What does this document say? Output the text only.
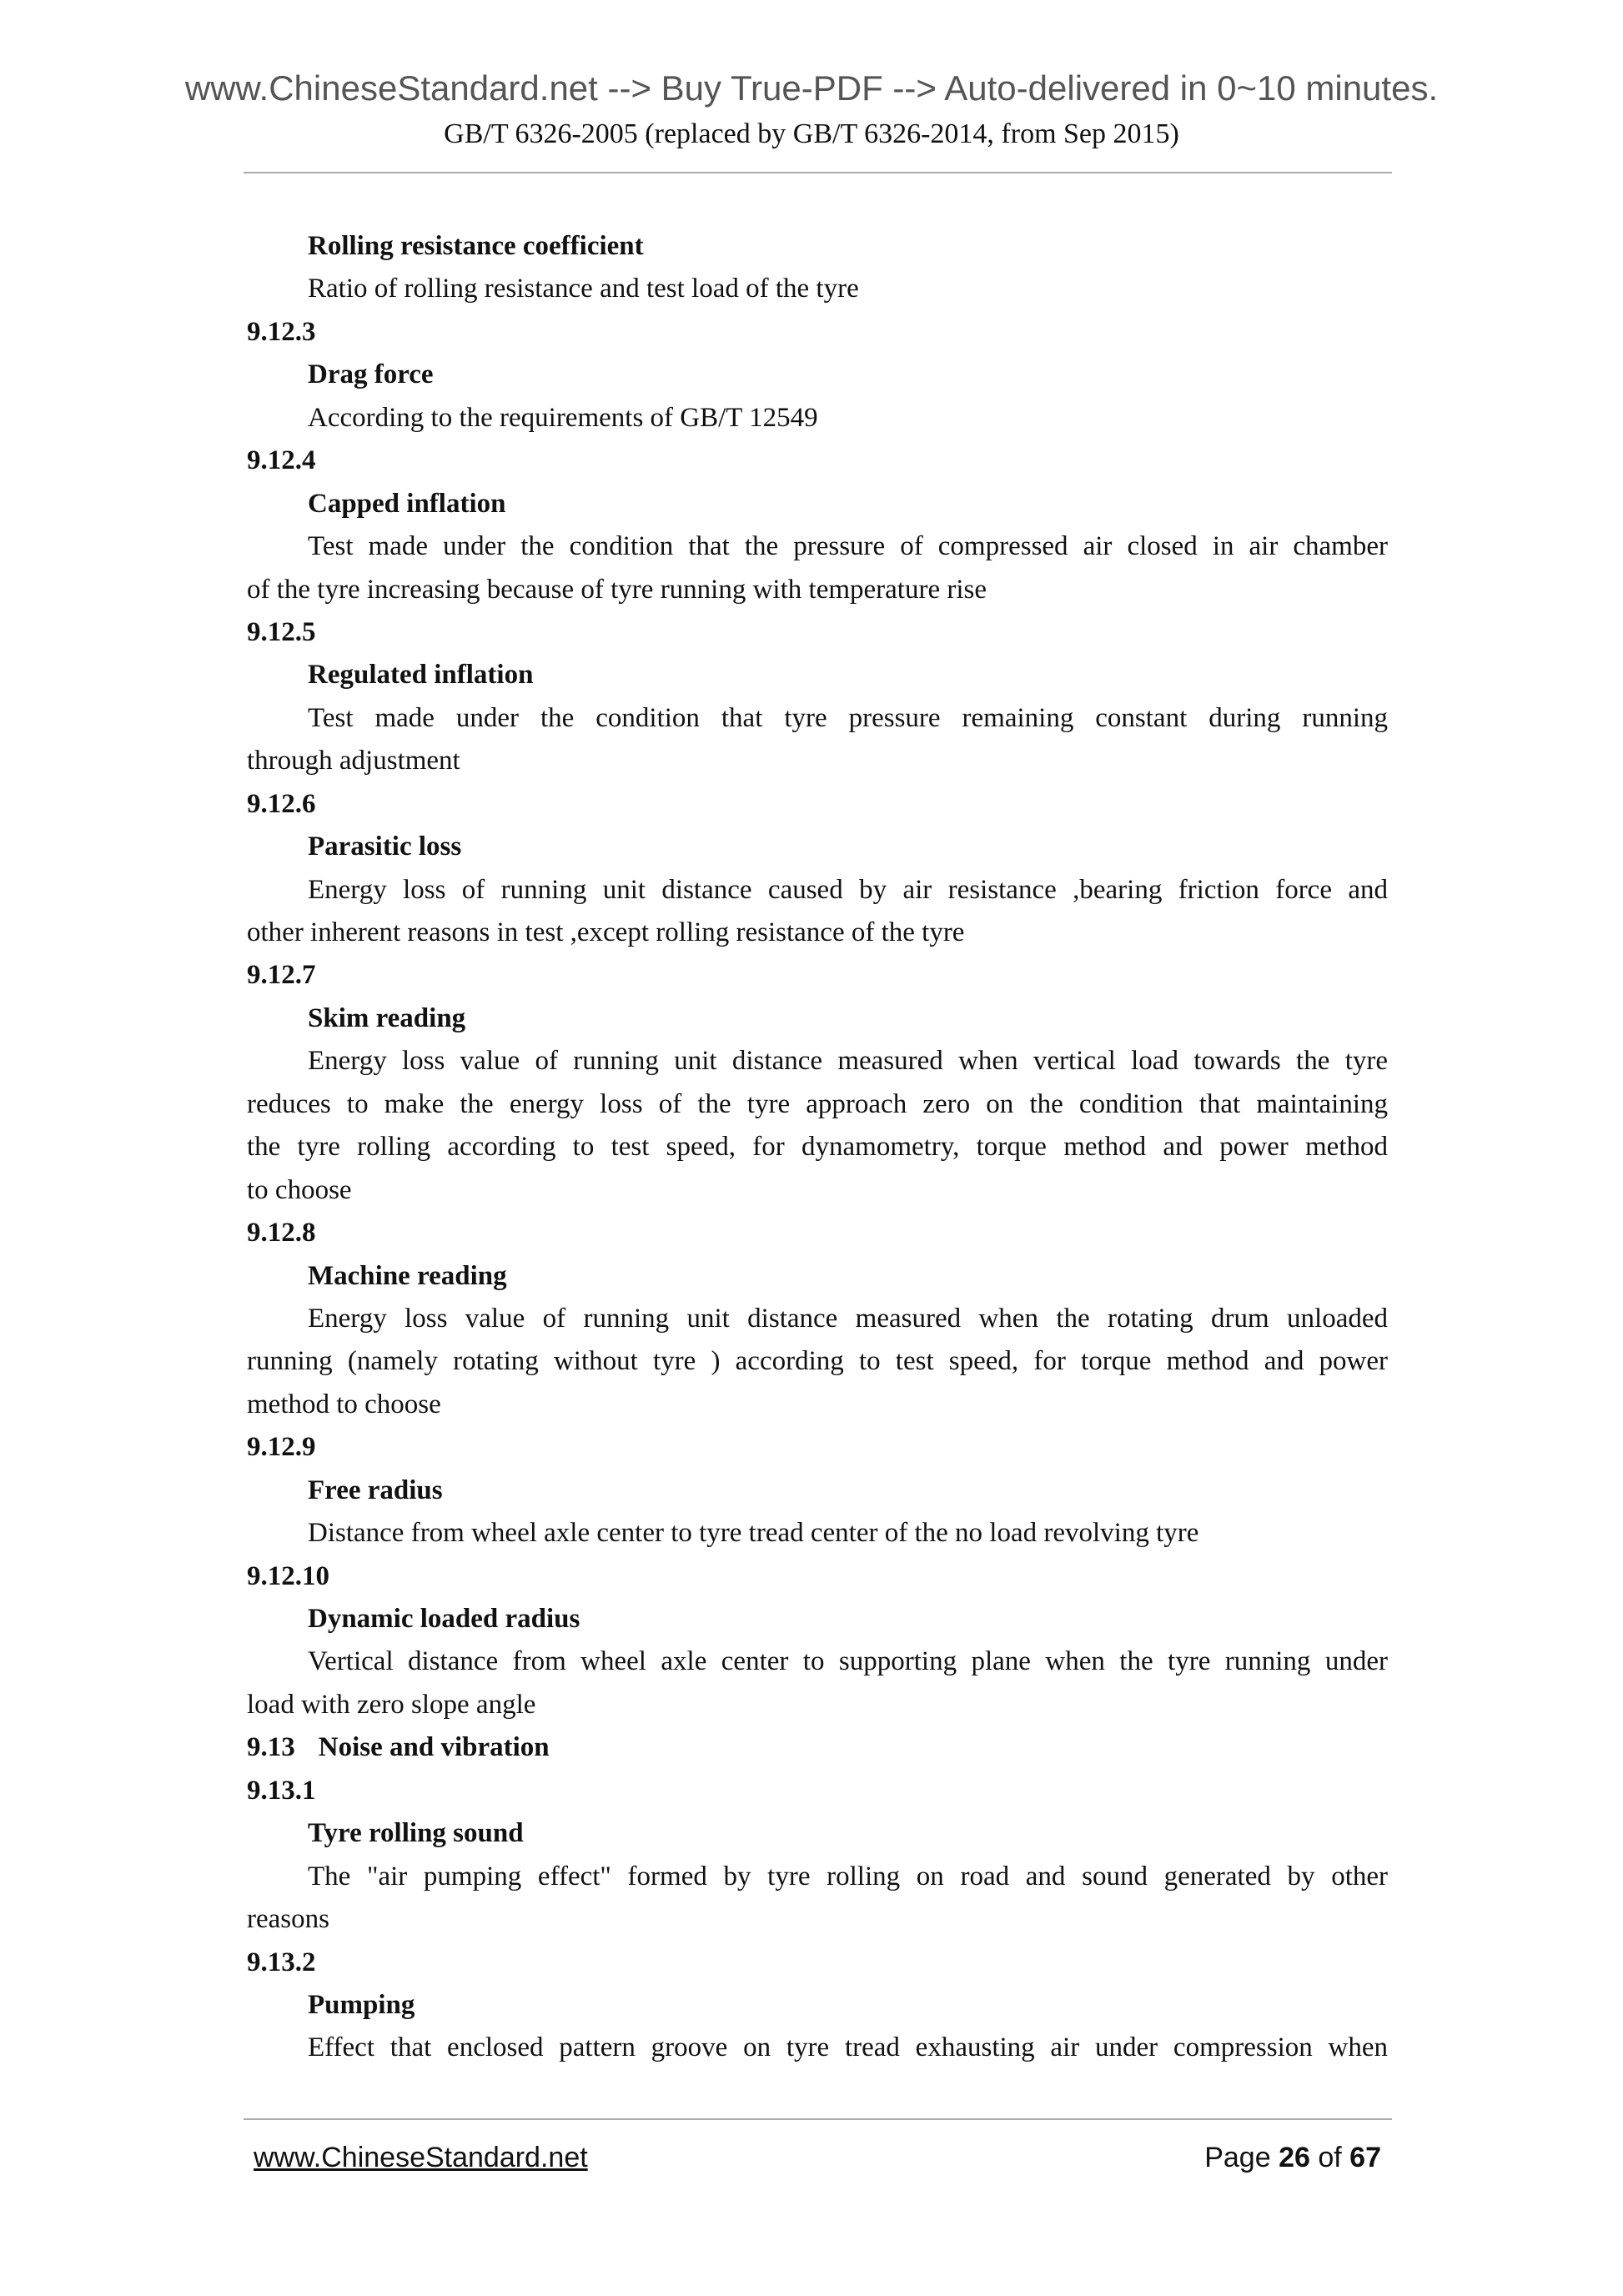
www.ChineseStandard.net --> Buy True-PDF --> Auto-delivered in 0~10 minutes.
GB/T 6326-2005 (replaced by GB/T 6326-2014, from Sep 2015)
Rolling resistance coefficient
Ratio of rolling resistance and test load of the tyre
9.12.3
Drag force
According to the requirements of GB/T 12549
9.12.4
Capped inflation
Test made under the condition that the pressure of compressed air closed in air chamber
of the tyre increasing because of tyre running with temperature rise
9.12.5
Regulated inflation
Test made under the condition that tyre pressure remaining constant during running
through adjustment
9.12.6
Parasitic loss
Energy loss of running unit distance caused by air resistance ,bearing friction force and
other inherent reasons in test ,except rolling resistance of the tyre
9.12.7
Skim reading
Energy loss value of running unit distance measured when vertical load towards the tyre
reduces to make the energy loss of the tyre approach zero on the condition that maintaining
the tyre rolling according to test speed, for dynamometry, torque method and power method
to choose
9.12.8
Machine reading
Energy loss value of running unit distance measured when the rotating drum unloaded
running (namely rotating without tyre ) according to test speed, for torque method and power
method to choose
9.12.9
Free radius
Distance from wheel axle center to tyre tread center of the no load revolving tyre
9.12.10
Dynamic loaded radius
Vertical distance from wheel axle center to supporting plane when the tyre running under
load with zero slope angle
9.13 Noise and vibration
9.13.1
Tyre rolling sound
The "air pumping effect" formed by tyre rolling on road and sound generated by other
reasons
9.13.2
Pumping
Effect that enclosed pattern groove on tyre tread exhausting air under compression when
www.ChineseStandard.net	Page 26 of 67
